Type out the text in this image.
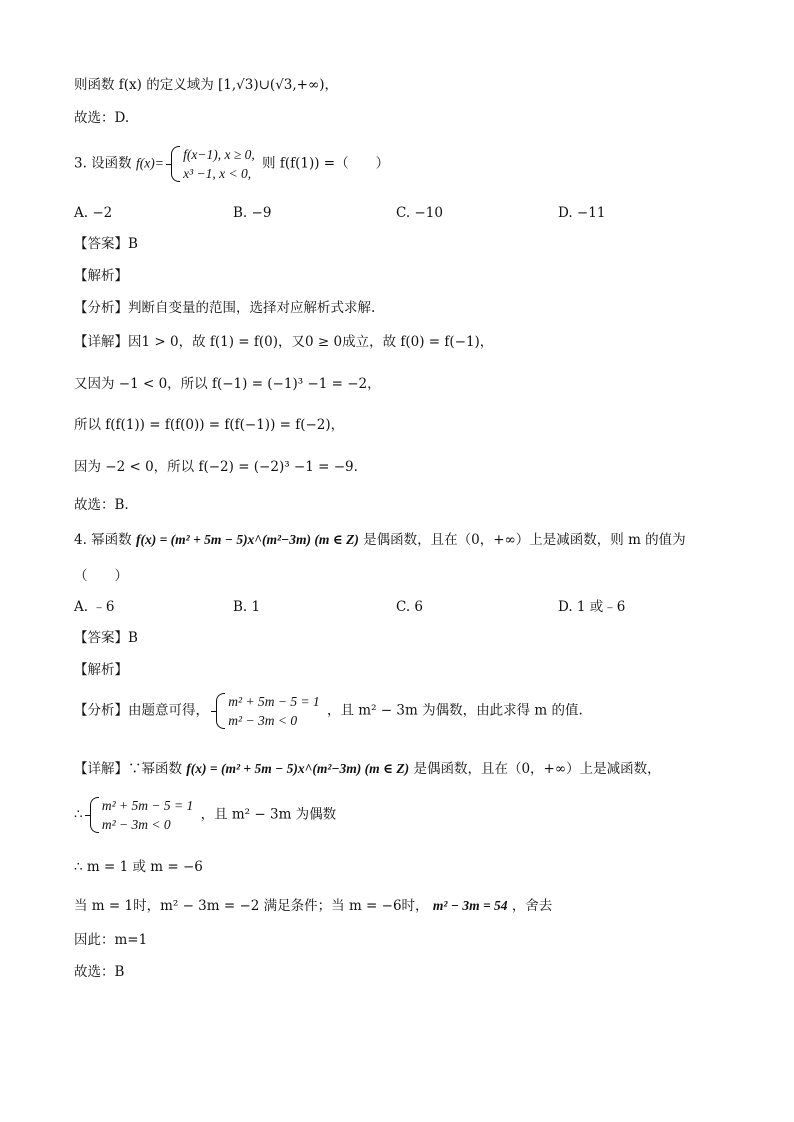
则函数 f(x) 的定义域为 [1,√3)∪(√3,+∞)，
故选：D.
3. 设函数 f(x)=
f(x−1), x ≥ 0,
x³ −1, x < 0,
则 f(f(1)) =（　　）
A. −2	B. −9	C. −10	D. −11
【答案】B
【解析】
【分析】判断自变量的范围，选择对应解析式求解.
【详解】因1 > 0，故 f(1) = f(0)，又0 ≥ 0成立，故 f(0) = f(−1)，
又因为 −1 < 0，所以 f(−1) = (−1)³ −1 = −2，
所以 f(f(1)) = f(f(0)) = f(f(−1)) = f(−2)，
因为 −2 < 0，所以 f(−2) = (−2)³ −1 = −9.
故选：B.
4. 幂函数 f(x) = (m² + 5m − 5)x^(m²−3m) (m ∈ Z) 是偶函数，且在（0，+∞）上是减函数，则 m 的值为
（　　）
A. ﹣6	B. 1	C. 6	D. 1 或﹣6
【答案】B
【解析】
【分析】由题意可得，
m² + 5m − 5 = 1
m² − 3m < 0
，且 m² − 3m 为偶数，由此求得 m 的值.
【详解】∵幂函数 f(x) = (m² + 5m − 5)x^(m²−3m) (m ∈ Z) 是偶函数，且在（0，+∞）上是减函数，
∴
m² + 5m − 5 = 1
m² − 3m < 0
，且 m² − 3m 为偶数
∴ m = 1 或 m = −6
当 m = 1时，m² − 3m = −2 满足条件；当 m = −6时， m² − 3m = 54 ，舍去
因此：m=1
故选：B
